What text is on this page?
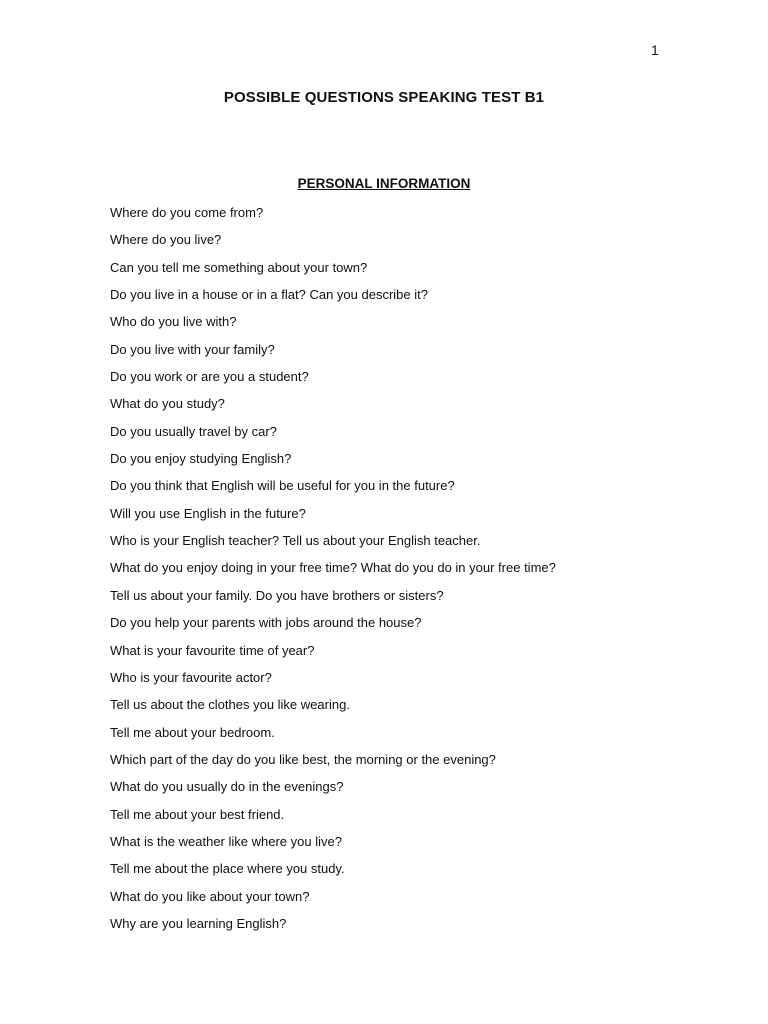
1
POSSIBLE QUESTIONS SPEAKING TEST B1
PERSONAL INFORMATION
Where do you come from?
Where do you live?
Can you tell me something about your town?
Do you live in a house or in a flat? Can you describe it?
Who do you live with?
Do you live with your family?
Do you work or are you a student?
What do you study?
Do you usually travel by car?
Do you enjoy studying English?
Do you think that English will be useful for you in the future?
Will you use English in the future?
Who is your English teacher? Tell us about your English teacher.
What do you enjoy doing in your free time? What do you do in your free time?
Tell us about your family. Do you have brothers or sisters?
Do you help your parents with jobs around the house?
What is your favourite time of year?
Who is your favourite actor?
Tell us about the clothes you like wearing.
Tell me about your bedroom.
Which part of the day do you like best, the morning or the evening?
What do you usually do in the evenings?
Tell me about your best friend.
What is the weather like where you live?
Tell me about the place where you study.
What do you like about your town?
Why are you learning English?
